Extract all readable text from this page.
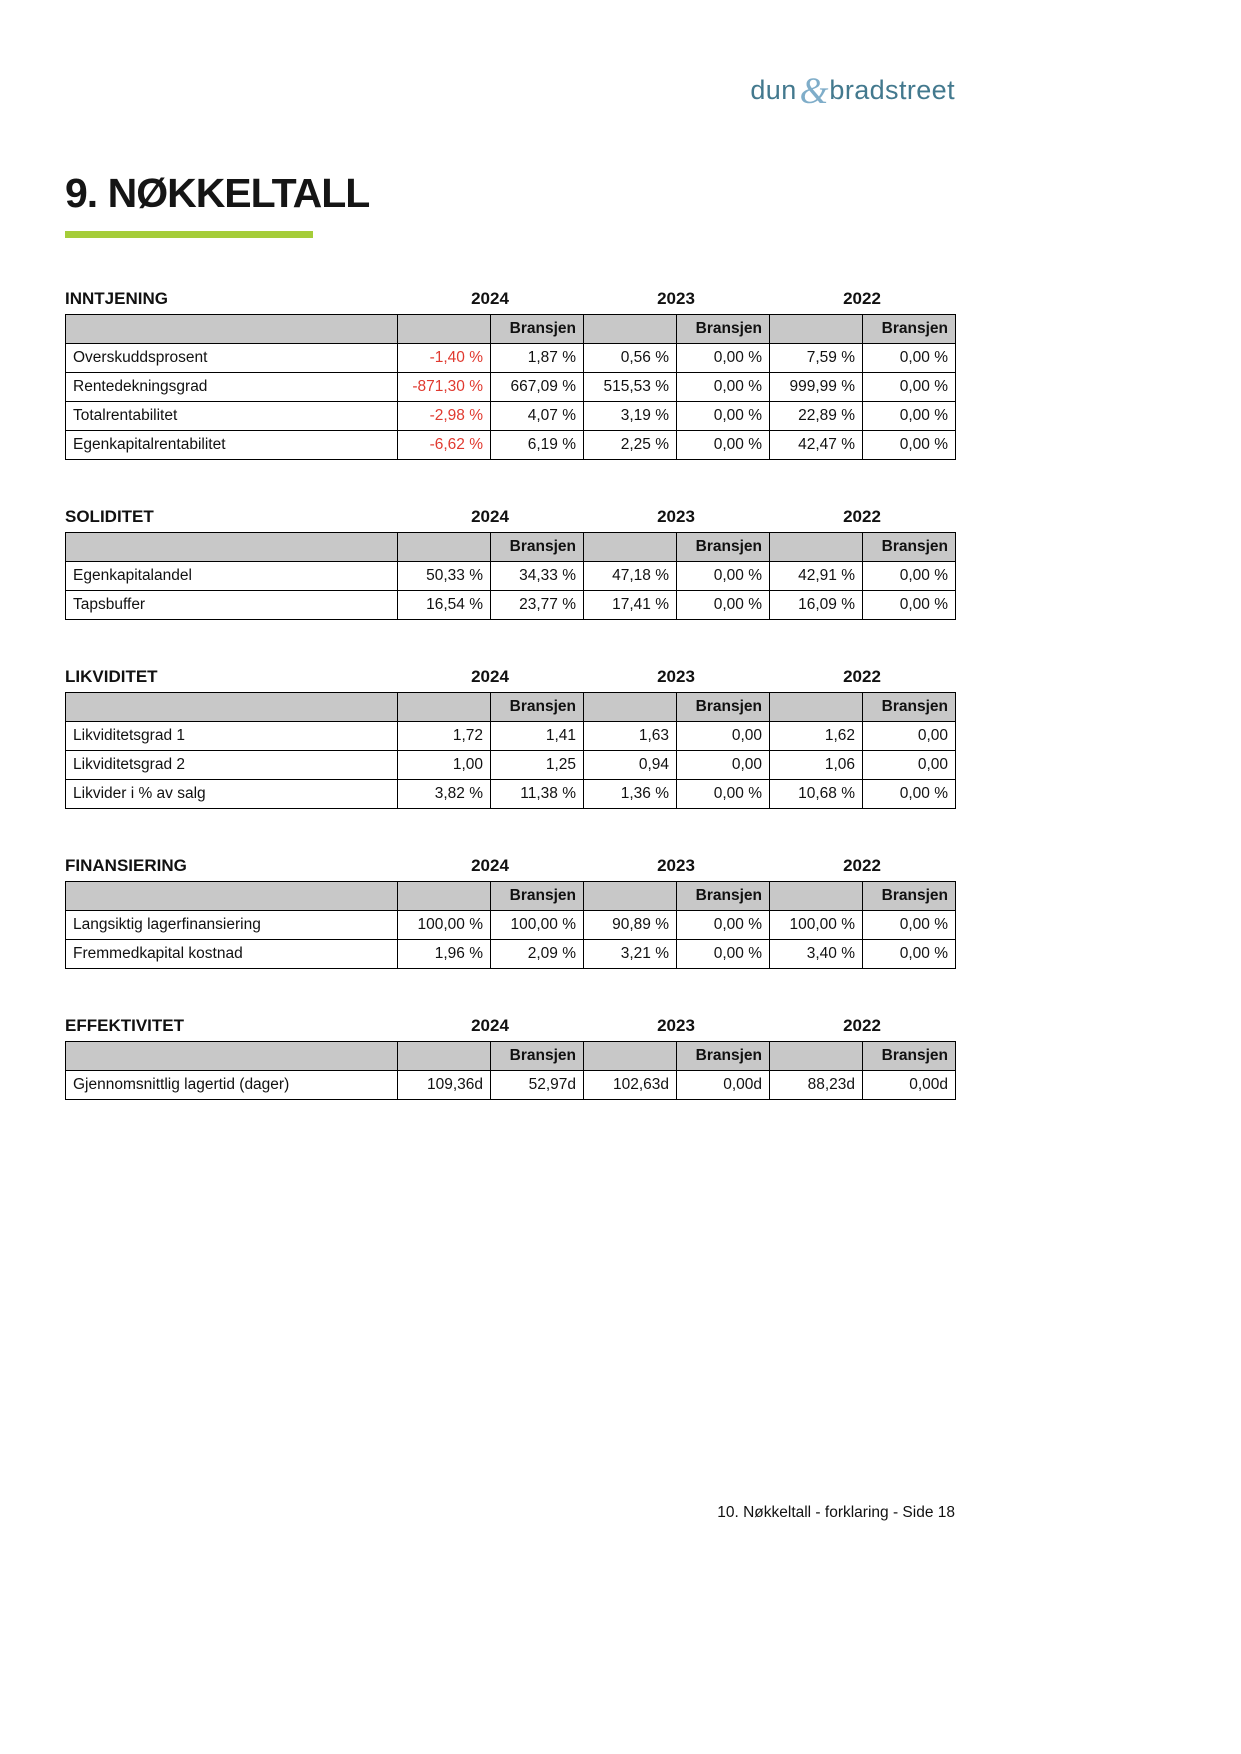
dun&bradstreet
9. NØKKELTALL
INNTJENING	2024	2023	2022
		Bransjen		Bransjen		Bransjen
Overskuddsprosent	-1,40 %	1,87 %	0,56 %	0,00 %	7,59 %	0,00 %
Rentedekningsgrad	-871,30 %	667,09 %	515,53 %	0,00 %	999,99 %	0,00 %
Totalrentabilitet	-2,98 %	4,07 %	3,19 %	0,00 %	22,89 %	0,00 %
Egenkapitalrentabilitet	-6,62 %	6,19 %	2,25 %	0,00 %	42,47 %	0,00 %
SOLIDITET	2024	2023	2022
		Bransjen		Bransjen		Bransjen
Egenkapitalandel	50,33 %	34,33 %	47,18 %	0,00 %	42,91 %	0,00 %
Tapsbuffer	16,54 %	23,77 %	17,41 %	0,00 %	16,09 %	0,00 %
LIKVIDITET	2024	2023	2022
		Bransjen		Bransjen		Bransjen
Likviditetsgrad 1	1,72	1,41	1,63	0,00	1,62	0,00
Likviditetsgrad 2	1,00	1,25	0,94	0,00	1,06	0,00
Likvider i % av salg	3,82 %	11,38 %	1,36 %	0,00 %	10,68 %	0,00 %
FINANSIERING	2024	2023	2022
		Bransjen		Bransjen		Bransjen
Langsiktig lagerfinansiering	100,00 %	100,00 %	90,89 %	0,00 %	100,00 %	0,00 %
Fremmedkapital kostnad	1,96 %	2,09 %	3,21 %	0,00 %	3,40 %	0,00 %
EFFEKTIVITET	2024	2023	2022
		Bransjen		Bransjen		Bransjen
Gjennomsnittlig lagertid (dager)	109,36d	52,97d	102,63d	0,00d	88,23d	0,00d
10. Nøkkeltall - forklaring - Side 18
